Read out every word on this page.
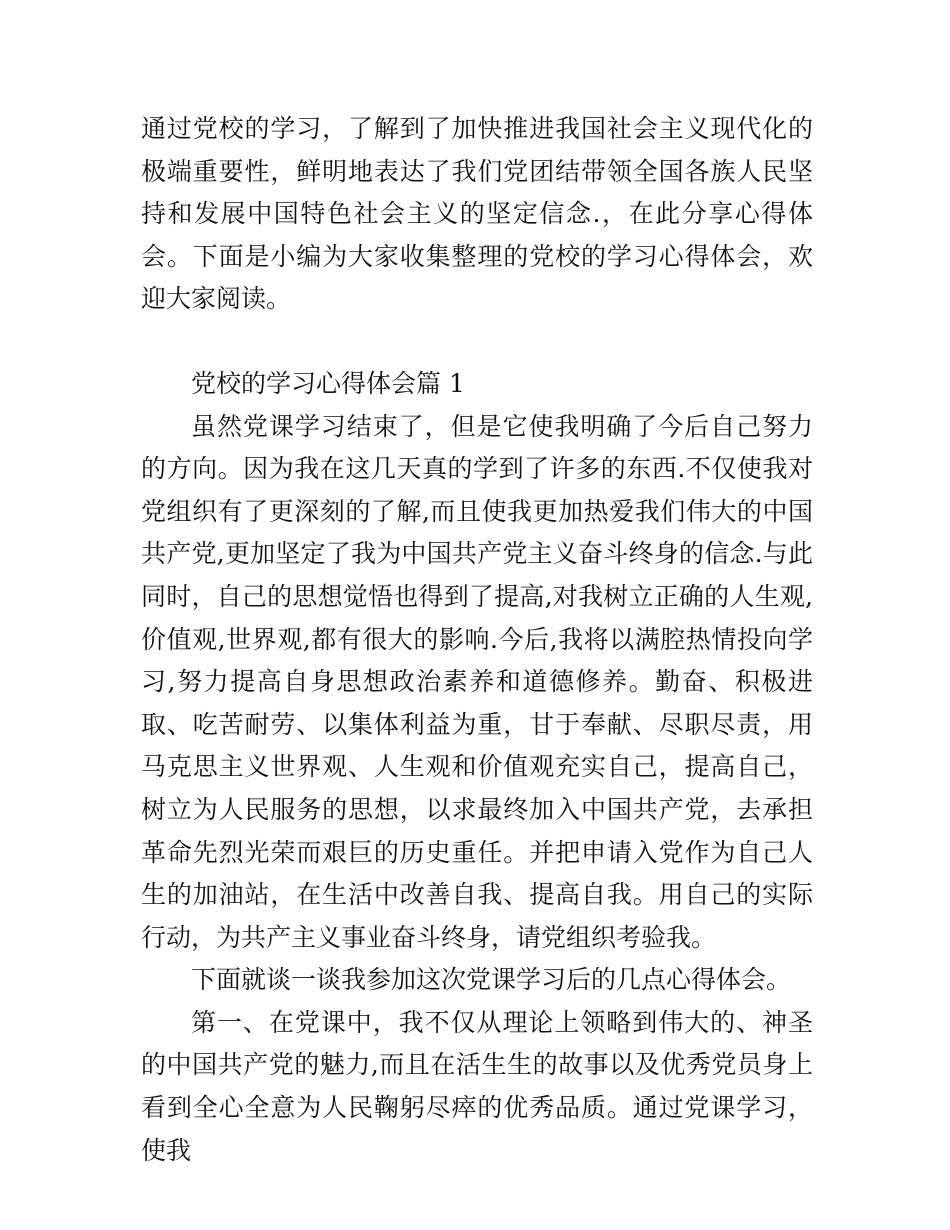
通过党校的学习，了解到了加快推进我国社会主义现代化的极端重要性，鲜明地表达了我们党团结带领全国各族人民坚持和发展中国特色社会主义的坚定信念.，在此分享心得体会。下面是小编为大家收集整理的党校的学习心得体会，欢迎大家阅读。

党校的学习心得体会篇 1

虽然党课学习结束了，但是它使我明确了今后自己努力的方向。因为我在这几天真的学到了许多的东西.不仅使我对党组织有了更深刻的了解,而且使我更加热爱我们伟大的中国共产党,更加坚定了我为中国共产党主义奋斗终身的信念.与此同时，自己的思想觉悟也得到了提高,对我树立正确的人生观,价值观,世界观,都有很大的影响.今后,我将以满腔热情投向学习,努力提高自身思想政治素养和道德修养。勤奋、积极进取、吃苦耐劳、以集体利益为重，甘于奉献、尽职尽责，用马克思主义世界观、人生观和价值观充实自己，提高自己，树立为人民服务的思想，以求最终加入中国共产党，去承担革命先烈光荣而艰巨的历史重任。并把申请入党作为自己人生的加油站，在生活中改善自我、提高自我。用自己的实际行动，为共产主义事业奋斗终身，请党组织考验我。

下面就谈一谈我参加这次党课学习后的几点心得体会。

第一、在党课中，我不仅从理论上领略到伟大的、神圣的中国共产党的魅力,而且在活生生的故事以及优秀党员身上看到全心全意为人民鞠躬尽瘁的优秀品质。通过党课学习，使我
